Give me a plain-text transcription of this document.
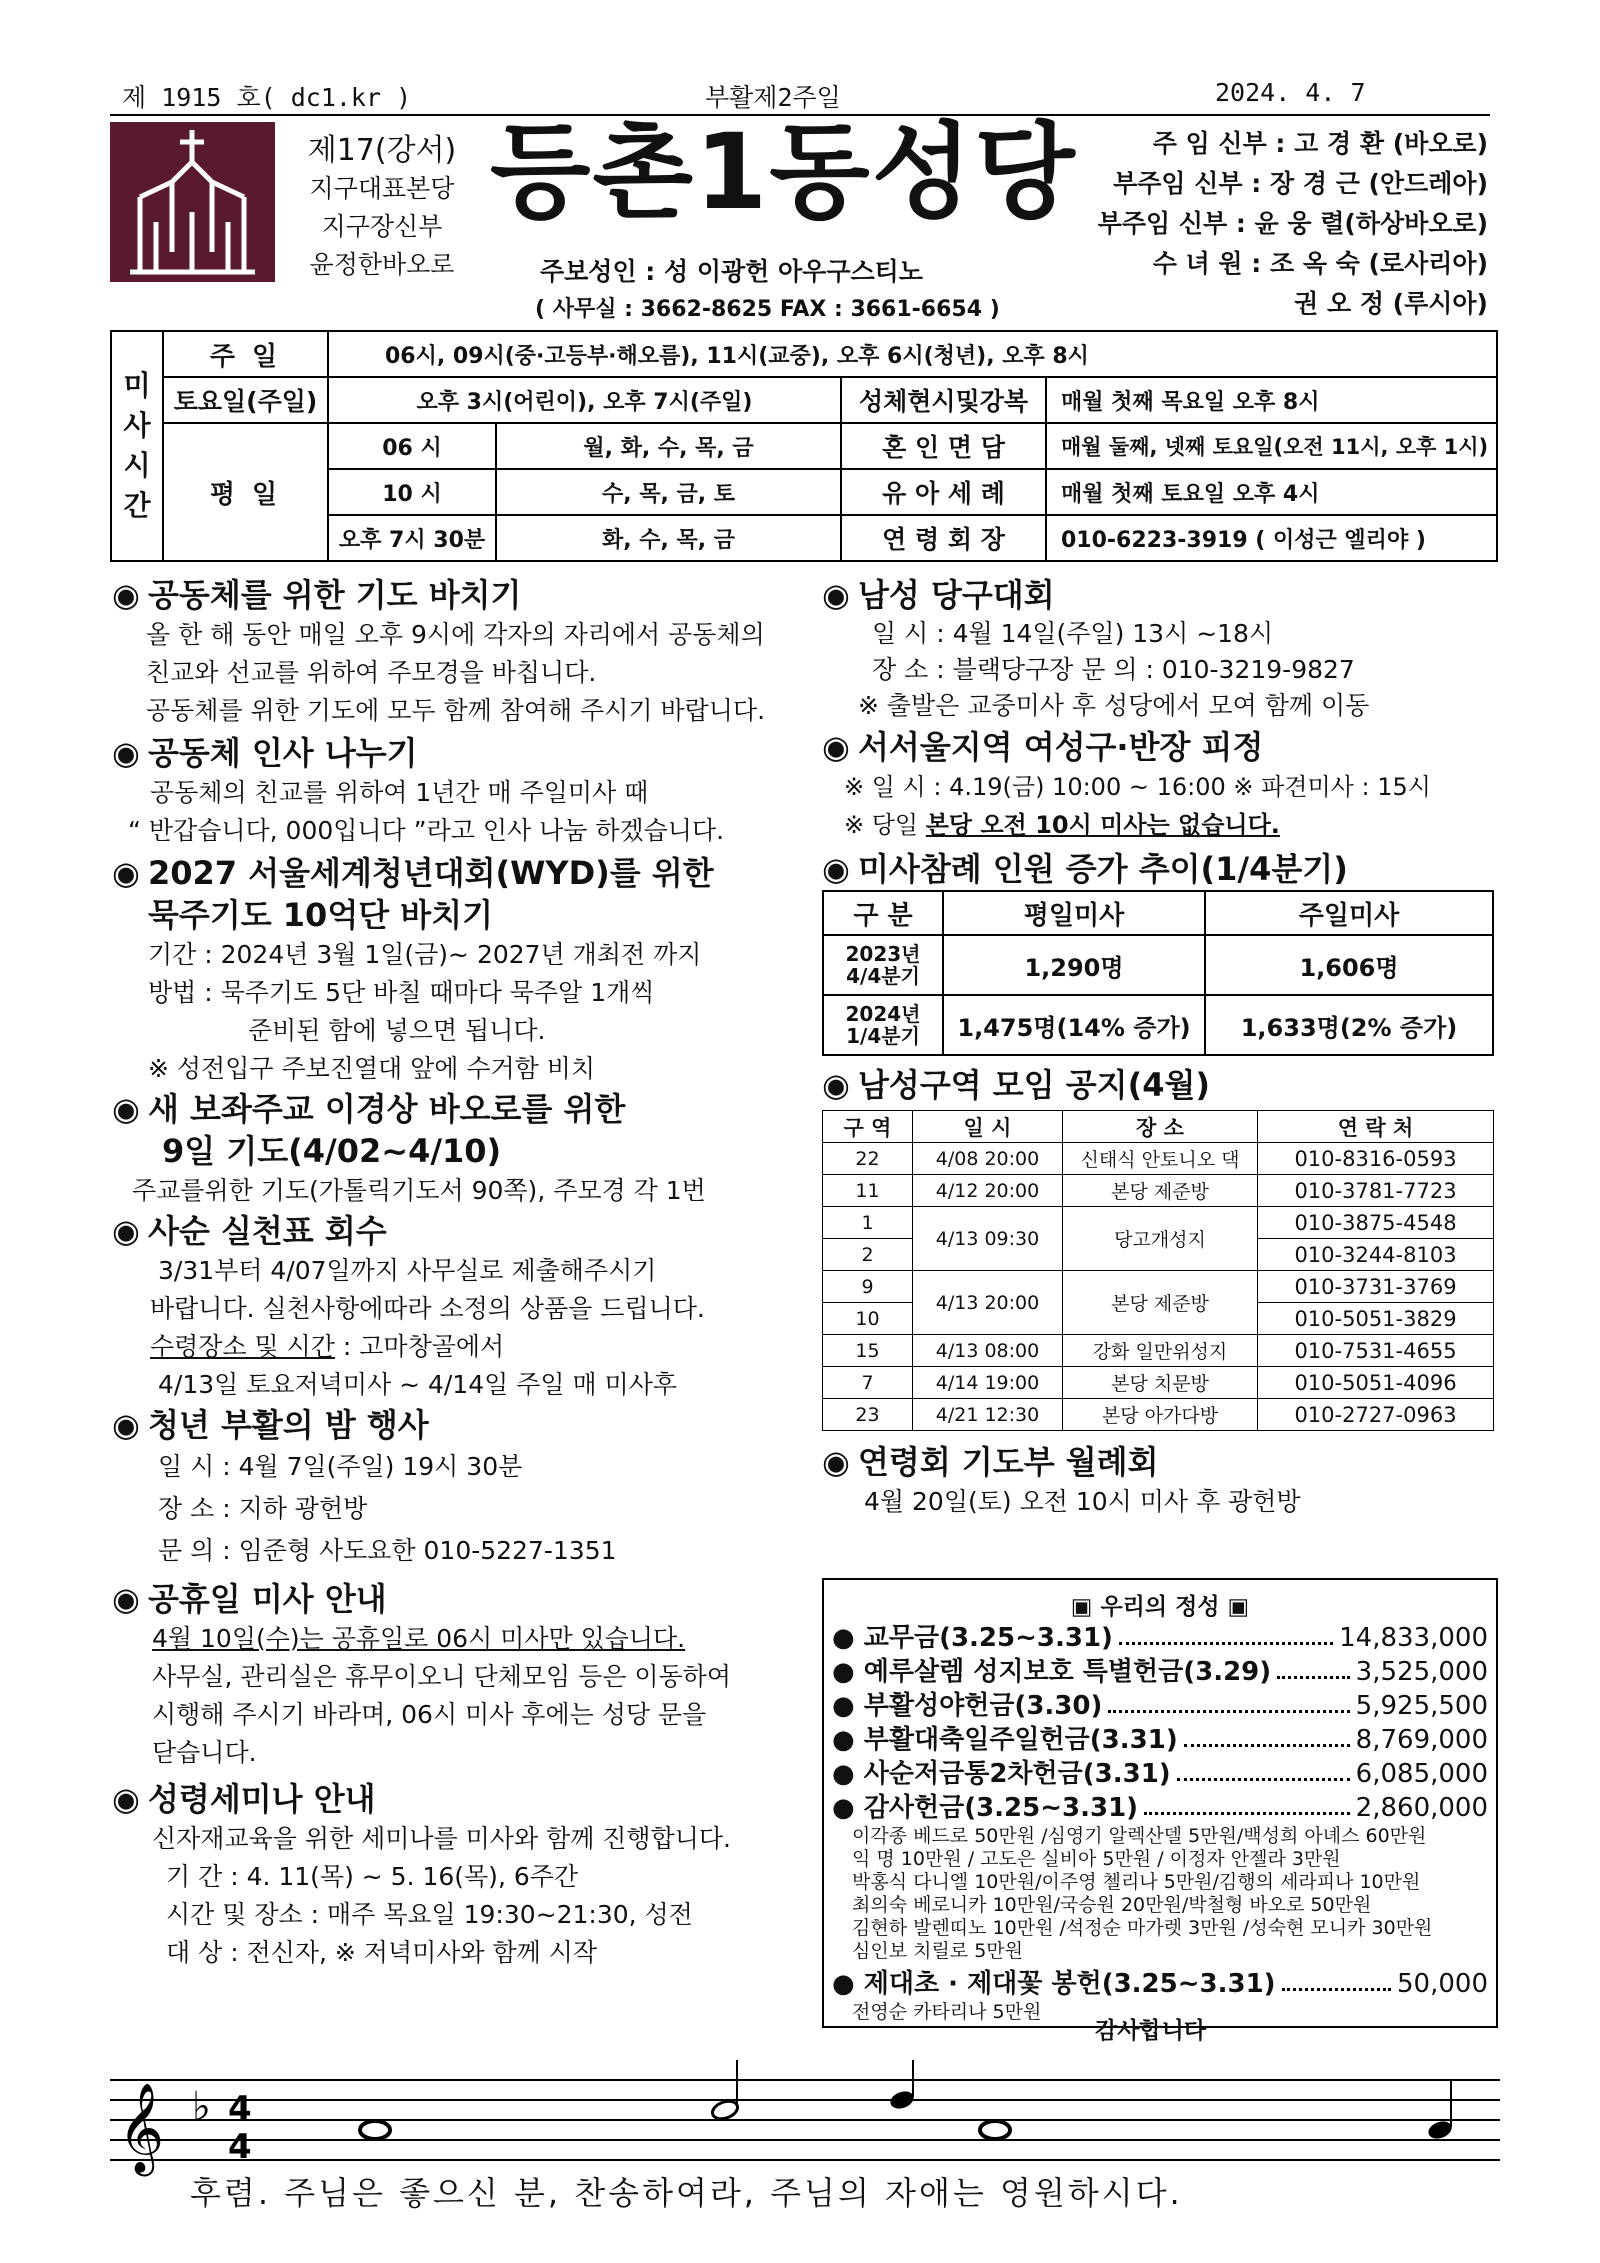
제 1915 호( dc1.kr )	부활제2주일	2024. 4. 7
제17(강서)
지구대표본당
지구장신부
윤정한바오로
등촌1동성당
주보성인 : 성 이광헌 아우구스티노
( 사무실 : 3662-8625 FAX : 3661-6654 )
주 임 신부 : 고 경 환 (바오로)
부주임 신부 : 장 경 근 (안드레아)
부주임 신부 : 윤 웅 렬(하상바오로)
수 녀 원 : 조 옥 숙 (로사리아)
권 오 정 (루시아)
미
사
시
간	주 일	06시, 09시(중·고등부·해오름), 11시(교중), 오후 6시(청년), 오후 8시			
	토요일(주일)	오후 3시(어린이), 오후 7시(주일)		성체현시및강복	매월 첫째 목요일 오후 8시
	평 일	06 시	월, 화, 수, 목, 금	혼 인 면 담	매월 둘째, 넷째 토요일(오전 11시, 오후 1시)
		10 시	수, 목, 금, 토	유 아 세 례	매월 첫째 토요일 오후 4시
		오후 7시 30분	화, 수, 목, 금	연 령 회 장	010-6223-3919 ( 이성근 엘리야 )
◉ 공동체를 위한 기도 바치기
올 한 해 동안 매일 오후 9시에 각자의 자리에서 공동체의
친교와 선교를 위하여 주모경을 바칩니다.
공동체를 위한 기도에 모두 함께 참여해 주시기 바랍니다.
◉ 공동체 인사 나누기
공동체의 친교를 위하여 1년간 매 주일미사 때
“ 반갑습니다, 000입니다 ”라고 인사 나눔 하겠습니다.
◉ 2027 서울세계청년대회(WYD)를 위한
묵주기도 10억단 바치기
기간 : 2024년 3월 1일(금)~ 2027년 개최전 까지
방법 : 묵주기도 5단 바칠 때마다 묵주알 1개씩
준비된 함에 넣으면 됩니다.
※ 성전입구 주보진열대 앞에 수거함 비치
◉ 새 보좌주교 이경상 바오로를 위한
9일 기도(4/02~4/10)
주교를위한 기도(가톨릭기도서 90쪽), 주모경 각 1번
◉ 사순 실천표 회수
3/31부터 4/07일까지 사무실로 제출해주시기
바랍니다. 실천사항에따라 소정의 상품을 드립니다.
수령장소 및 시간 : 고마창골에서
4/13일 토요저녁미사 ~ 4/14일 주일 매 미사후
◉ 청년 부활의 밤 행사
일 시 : 4월 7일(주일) 19시 30분
장 소 : 지하 광헌방
문 의 : 임준형 사도요한 010-5227-1351
◉ 공휴일 미사 안내
4월 10일(수)는 공휴일로 06시 미사만 있습니다.
사무실, 관리실은 휴무이오니 단체모임 등은 이동하여
시행해 주시기 바라며, 06시 미사 후에는 성당 문을
닫습니다.
◉ 성령세미나 안내
신자재교육을 위한 세미나를 미사와 함께 진행합니다.
기 간 : 4. 11(목) ~ 5. 16(목), 6주간
시간 및 장소 : 매주 목요일 19:30~21:30, 성전
대 상 : 전신자, ※ 저녁미사와 함께 시작
◉ 남성 당구대회
일 시 : 4월 14일(주일) 13시 ~18시
장 소 : 블랙당구장 문 의 : 010-3219-9827
※ 출발은 교중미사 후 성당에서 모여 함께 이동
◉ 서서울지역 여성구·반장 피정
※ 일 시 : 4.19(금) 10:00 ~ 16:00 ※ 파견미사 : 15시
※ 당일 본당 오전 10시 미사는 없습니다.
◉ 미사참례 인원 증가 추이(1/4분기)
구 분	평일미사	주일미사
2023년
4/4분기	1,290명	1,606명
2024년
1/4분기	1,475명(14% 증가)	1,633명(2% 증가)
◉ 남성구역 모임 공지(4월)
구 역	일 시	장 소	연 락 처
22	4/08 20:00	신태식 안토니오 댁	010-8316-0593
11	4/12 20:00	본당 제준방	010-3781-7723
1	4/13 09:30	당고개성지	010-3875-4548
2			010-3244-8103
9	4/13 20:00	본당 제준방	010-3731-3769
10			010-5051-3829
15	4/13 08:00	강화 일만위성지	010-7531-4655
7	4/14 19:00	본당 치문방	010-5051-4096
23	4/21 12:30	본당 아가다방	010-2727-0963
◉ 연령회 기도부 월례회
4월 20일(토) 오전 10시 미사 후 광헌방
▣ 우리의 정성 ▣
● 교무금(3.25~3.31)	14,833,000
● 예루살렘 성지보호 특별헌금(3.29)	3,525,000
● 부활성야헌금(3.30)	5,925,500
● 부활대축일주일헌금(3.31)	8,769,000
● 사순저금통2차헌금(3.31)	6,085,000
● 감사헌금(3.25~3.31)	2,860,000
이각종 베드로 50만원 /심영기 알렉산델 5만원/백성희 아녜스 60만원
익 명 10만원 / 고도은 실비아 5만원 / 이정자 안젤라 3만원
박홍식 다니엘 10만원/이주영 첼리나 5만원/김행의 세라피나 10만원
최의숙 베로니카 10만원/국승원 20만원/박철형 바오로 50만원
김현하 발렌띠노 10만원 /석정순 마가렛 3만원 /성숙현 모니카 30만원
심인보 치릴로 5만원
● 제대초 · 제대꽃 봉헌(3.25~3.31)	50,000
전영순 카타리나 5만원
감사합니다
𝄞 ♭ 4
4
후렴. 주님은 좋으신 분, 찬송하여라, 주님의 자애는 영원하시다.
